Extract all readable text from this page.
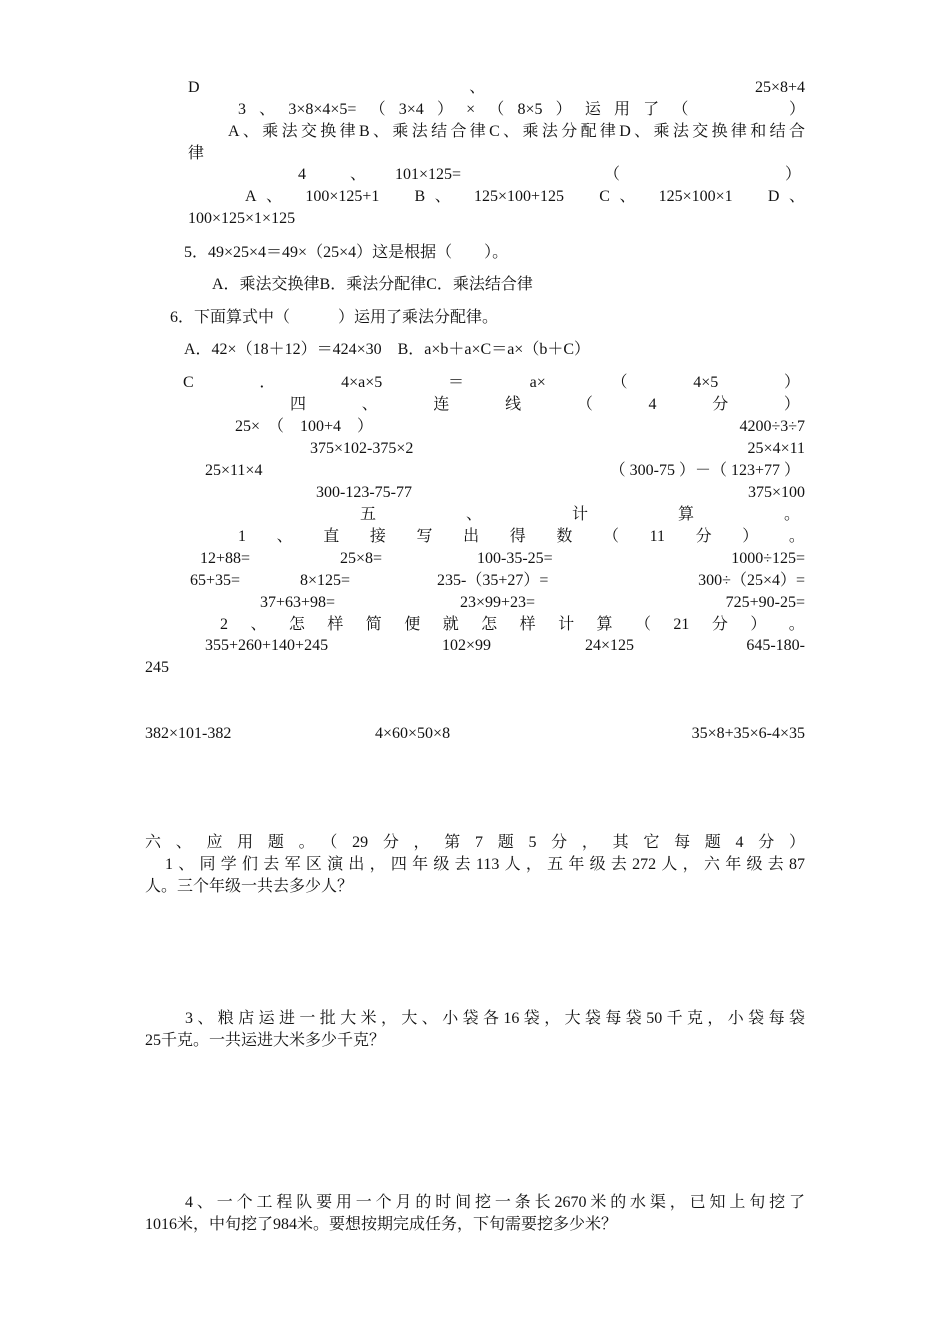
D	、	25×8+4
3、3×8×4×5=（3×4）×（8×5）运用了（　　　）
A、乘法交换律B、乘法结合律C、乘法分配律D、乘法交换律和结合
律
4	、 101×125=	（	）
A、 100×125+1　B、 125×100+125　C、 125×100×1　D、
100×125×1×125
5．49×25×4＝49×（25×4）这是根据（　　）。
A．乘法交换律B．乘法分配律C．乘法结合律
6．下面算式中（　　　）运用了乘法分配律。
A．42×（18＋12）＝424×30　B．a×b＋a×C＝a×（b＋C）
C	．	4×a×5	＝	a×	（	4×5	）
四	、	连	线	（	4	分	）
25×　（　100+4　）	4200÷3÷7
375×102-375×2	25×4×11
25×11×4	（ 300-75 ）－（ 123+77 ）
300-123-75-77	375×100
五	、	计	算	。
1 、 直 接 写 出 得 数 （ 11 分 ） 。
12+88=	25×8=	100-35-25=	1000÷125=
65+35=	8×125=	235-（35+27）=	300÷（25×4）=
37+63+98=	23×99+23=	725+90-25=
2 、 怎 样 简 便 就 怎 样 计 算 （ 21 分 ） 。
355+260+140+245	102×99	24×125	645-180-
245
382×101-382	4×60×50×8	35×8+35×6-4×35
六、应用题。（29分，第7题5分，其它每题4分）
1、同学们去军区演出，四年级去113人，五年级去272人，六年级去87
人。三个年级一共去多少人？
3、粮店运进一批大米，大、小袋各16袋，大袋每袋50千克，小袋每袋
25千克。一共运进大米多少千克？
4、一个工程队要用一个月的时间挖一条长2670米的水渠，已知上旬挖了
1016米，中旬挖了984米。要想按期完成任务，下旬需要挖多少米？
